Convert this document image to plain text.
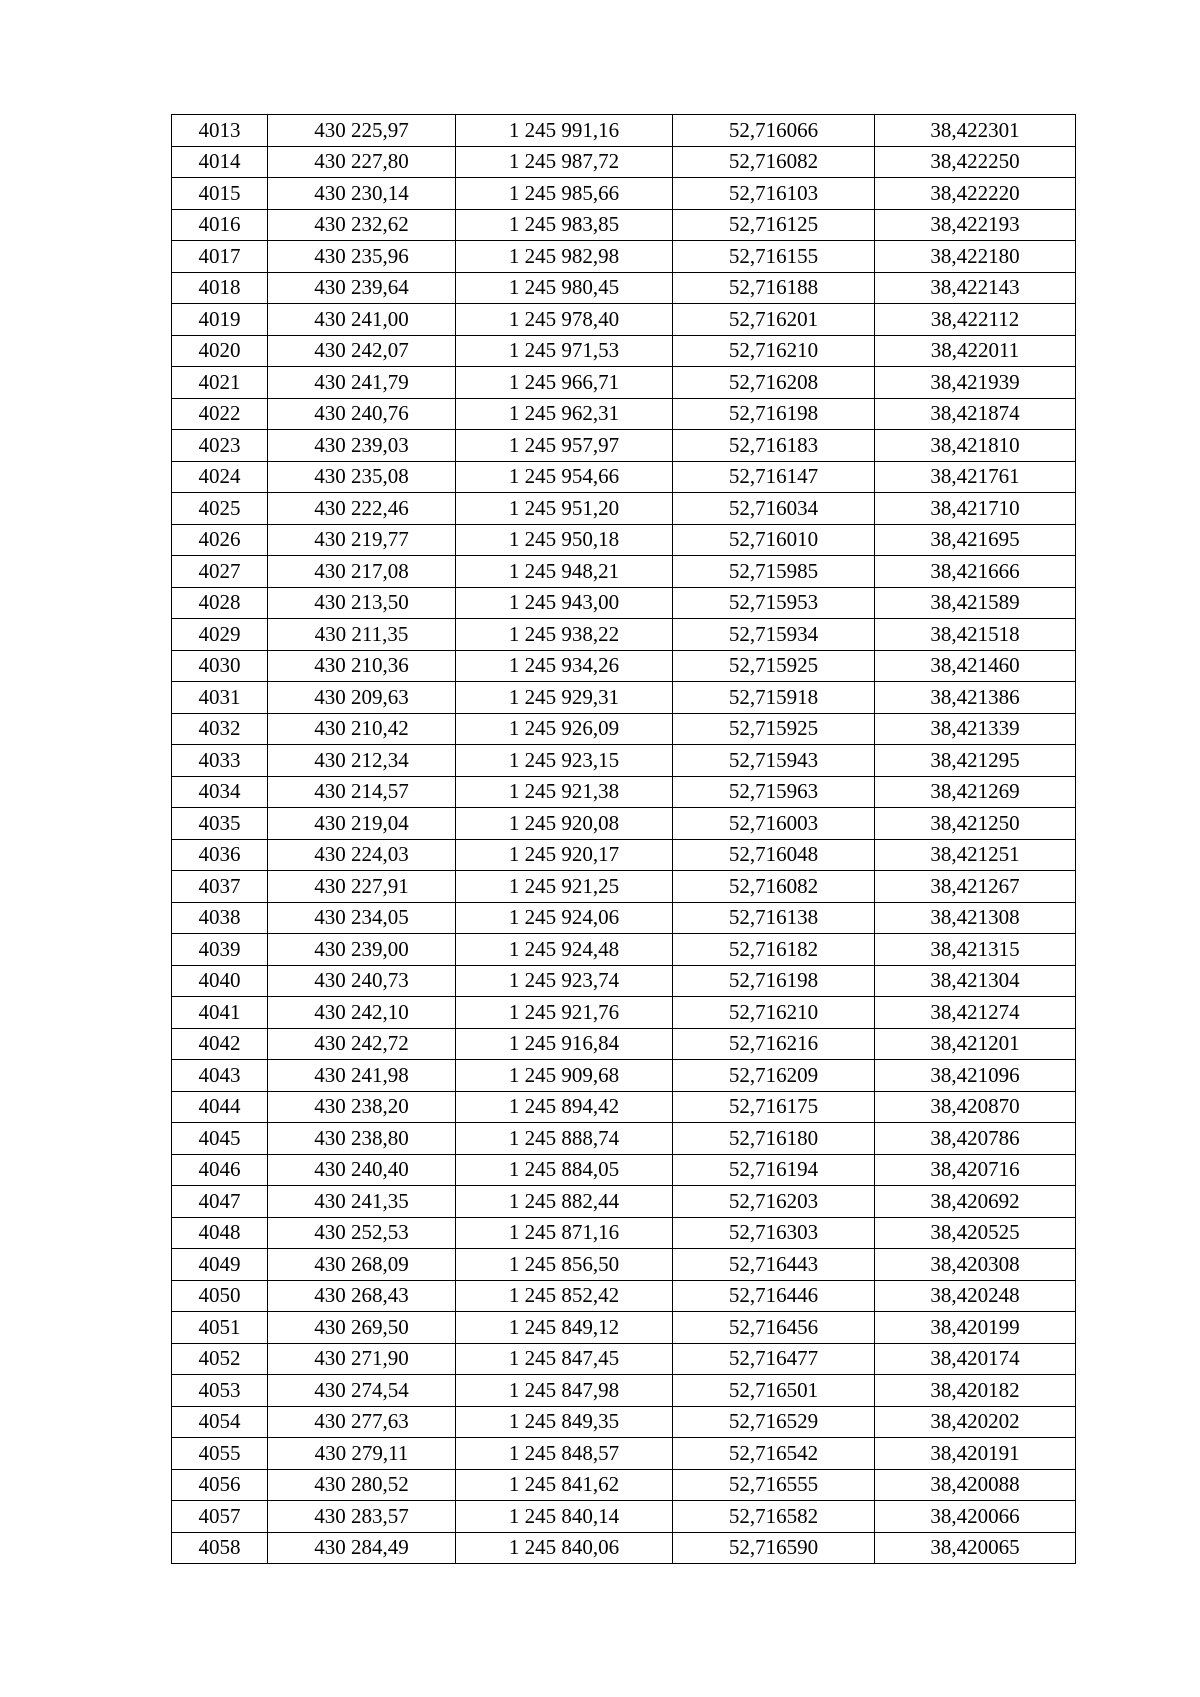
4013	430 225,97	1 245 991,16	52,716066	38,422301
4014	430 227,80	1 245 987,72	52,716082	38,422250
4015	430 230,14	1 245 985,66	52,716103	38,422220
4016	430 232,62	1 245 983,85	52,716125	38,422193
4017	430 235,96	1 245 982,98	52,716155	38,422180
4018	430 239,64	1 245 980,45	52,716188	38,422143
4019	430 241,00	1 245 978,40	52,716201	38,422112
4020	430 242,07	1 245 971,53	52,716210	38,422011
4021	430 241,79	1 245 966,71	52,716208	38,421939
4022	430 240,76	1 245 962,31	52,716198	38,421874
4023	430 239,03	1 245 957,97	52,716183	38,421810
4024	430 235,08	1 245 954,66	52,716147	38,421761
4025	430 222,46	1 245 951,20	52,716034	38,421710
4026	430 219,77	1 245 950,18	52,716010	38,421695
4027	430 217,08	1 245 948,21	52,715985	38,421666
4028	430 213,50	1 245 943,00	52,715953	38,421589
4029	430 211,35	1 245 938,22	52,715934	38,421518
4030	430 210,36	1 245 934,26	52,715925	38,421460
4031	430 209,63	1 245 929,31	52,715918	38,421386
4032	430 210,42	1 245 926,09	52,715925	38,421339
4033	430 212,34	1 245 923,15	52,715943	38,421295
4034	430 214,57	1 245 921,38	52,715963	38,421269
4035	430 219,04	1 245 920,08	52,716003	38,421250
4036	430 224,03	1 245 920,17	52,716048	38,421251
4037	430 227,91	1 245 921,25	52,716082	38,421267
4038	430 234,05	1 245 924,06	52,716138	38,421308
4039	430 239,00	1 245 924,48	52,716182	38,421315
4040	430 240,73	1 245 923,74	52,716198	38,421304
4041	430 242,10	1 245 921,76	52,716210	38,421274
4042	430 242,72	1 245 916,84	52,716216	38,421201
4043	430 241,98	1 245 909,68	52,716209	38,421096
4044	430 238,20	1 245 894,42	52,716175	38,420870
4045	430 238,80	1 245 888,74	52,716180	38,420786
4046	430 240,40	1 245 884,05	52,716194	38,420716
4047	430 241,35	1 245 882,44	52,716203	38,420692
4048	430 252,53	1 245 871,16	52,716303	38,420525
4049	430 268,09	1 245 856,50	52,716443	38,420308
4050	430 268,43	1 245 852,42	52,716446	38,420248
4051	430 269,50	1 245 849,12	52,716456	38,420199
4052	430 271,90	1 245 847,45	52,716477	38,420174
4053	430 274,54	1 245 847,98	52,716501	38,420182
4054	430 277,63	1 245 849,35	52,716529	38,420202
4055	430 279,11	1 245 848,57	52,716542	38,420191
4056	430 280,52	1 245 841,62	52,716555	38,420088
4057	430 283,57	1 245 840,14	52,716582	38,420066
4058	430 284,49	1 245 840,06	52,716590	38,420065
